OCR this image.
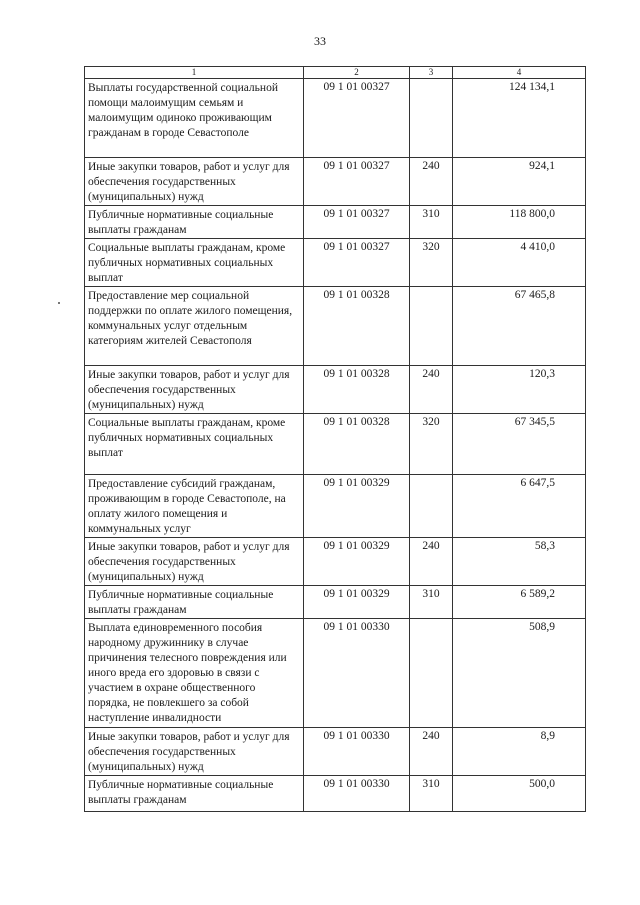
33
1	2	3	4
Выплаты государственной социальной помощи малоимущим семьям и малоимущим одиноко проживающим гражданам в городе Севастополе	09 1 01 00327		124 134,1
Иные закупки товаров, работ и услуг для обеспечения государственных (муниципальных) нужд	09 1 01 00327	240	924,1
Публичные нормативные социальные выплаты гражданам	09 1 01 00327	310	118 800,0
Социальные выплаты гражданам, кроме публичных нормативных социальных выплат	09 1 01 00327	320	4 410,0
Предоставление мер социальной поддержки по оплате жилого помещения, коммунальных услуг отдельным категориям жителей Севастополя	09 1 01 00328		67 465,8
Иные закупки товаров, работ и услуг для обеспечения государственных (муниципальных) нужд	09 1 01 00328	240	120,3
Социальные выплаты гражданам, кроме публичных нормативных социальных выплат	09 1 01 00328	320	67 345,5
Предоставление субсидий гражданам, проживающим в городе Севастополе, на оплату жилого помещения и коммунальных услуг	09 1 01 00329		6 647,5
Иные закупки товаров, работ и услуг для обеспечения государственных (муниципальных) нужд	09 1 01 00329	240	58,3
Публичные нормативные социальные выплаты гражданам	09 1 01 00329	310	6 589,2
Выплата единовременного пособия народному дружиннику в случае причинения телесного повреждения или иного вреда его здоровью в связи с участием в охране общественного порядка, не повлекшего за собой наступление инвалидности	09 1 01 00330		508,9
Иные закупки товаров, работ и услуг для обеспечения государственных (муниципальных) нужд	09 1 01 00330	240	8,9
Публичные нормативные социальные выплаты гражданам	09 1 01 00330	310	500,0
